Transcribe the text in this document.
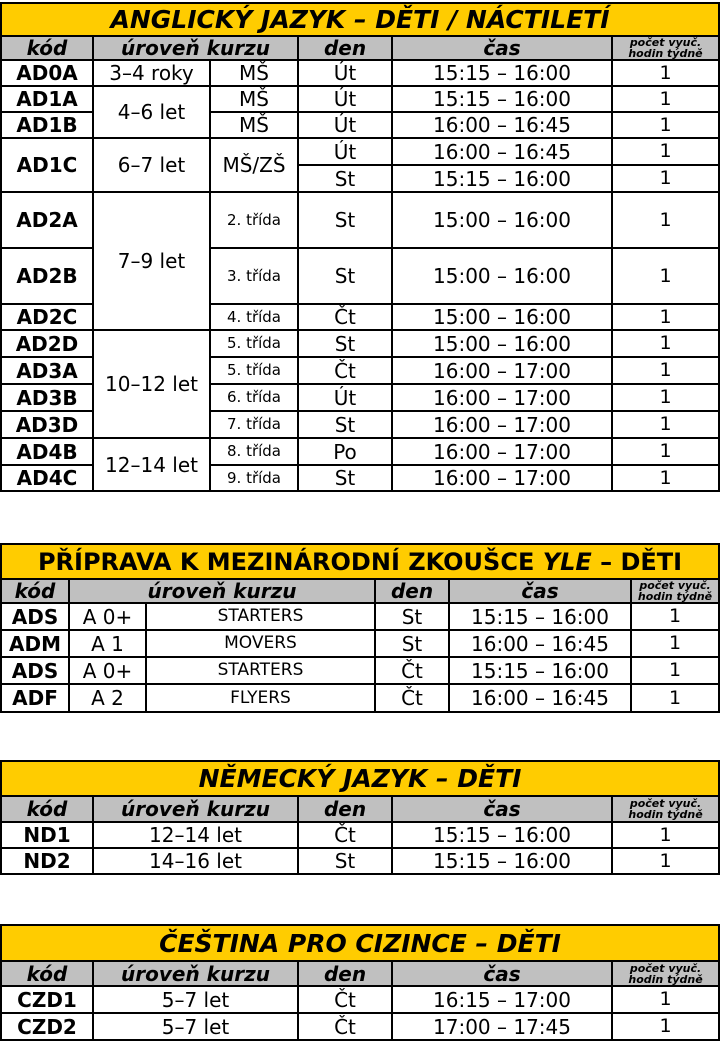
ANGLICKÝ JAZYK – DĚTI / NÁCTILETÍ					
kód	úroveň kurzu		den	čas	počet vyuč.
hodin týdně
AD0A	3–4 roky	MŠ	Út	15:15 – 16:00	1
AD1A	4–6 let	MŠ	Út	15:15 – 16:00	1
AD1B		MŠ	Út	16:00 – 16:45	1
AD1C	6–7 let	MŠ/ZŠ	Út	16:00 – 16:45	1
			St	15:15 – 16:00	1
AD2A	7–9 let	2. třída	St	15:00 – 16:00	1
AD2B		3. třída	St	15:00 – 16:00	1
AD2C		4. třída	Čt	15:00 – 16:00	1
AD2D	10–12 let	5. třída	St	15:00 – 16:00	1
AD3A		5. třída	Čt	16:00 – 17:00	1
AD3B		6. třída	Út	16:00 – 17:00	1
AD3D		7. třída	St	16:00 – 17:00	1
AD4B	12–14 let	8. třída	Po	16:00 – 17:00	1
AD4C		9. třída	St	16:00 – 17:00	1
PŘÍPRAVA K MEZINÁRODNÍ ZKOUŠCE YLE – DĚTI					
kód	úroveň kurzu		den	čas	počet vyuč.
hodin týdně
ADS	A 0+	STARTERS	St	15:15 – 16:00	1
ADM	A 1	MOVERS	St	16:00 – 16:45	1
ADS	A 0+	STARTERS	Čt	15:15 – 16:00	1
ADF	A 2	FLYERS	Čt	16:00 – 16:45	1
NĚMECKÝ JAZYK – DĚTI				
kód	úroveň kurzu	den	čas	počet vyuč.
hodin týdně
ND1	12–14 let	Čt	15:15 – 16:00	1
ND2	14–16 let	St	15:15 – 16:00	1
ČEŠTINA PRO CIZINCE – DĚTI				
kód	úroveň kurzu	den	čas	počet vyuč.
hodin týdně
CZD1	5–7 let	Čt	16:15 – 17:00	1
CZD2	5–7 let	Čt	17:00 – 17:45	1
